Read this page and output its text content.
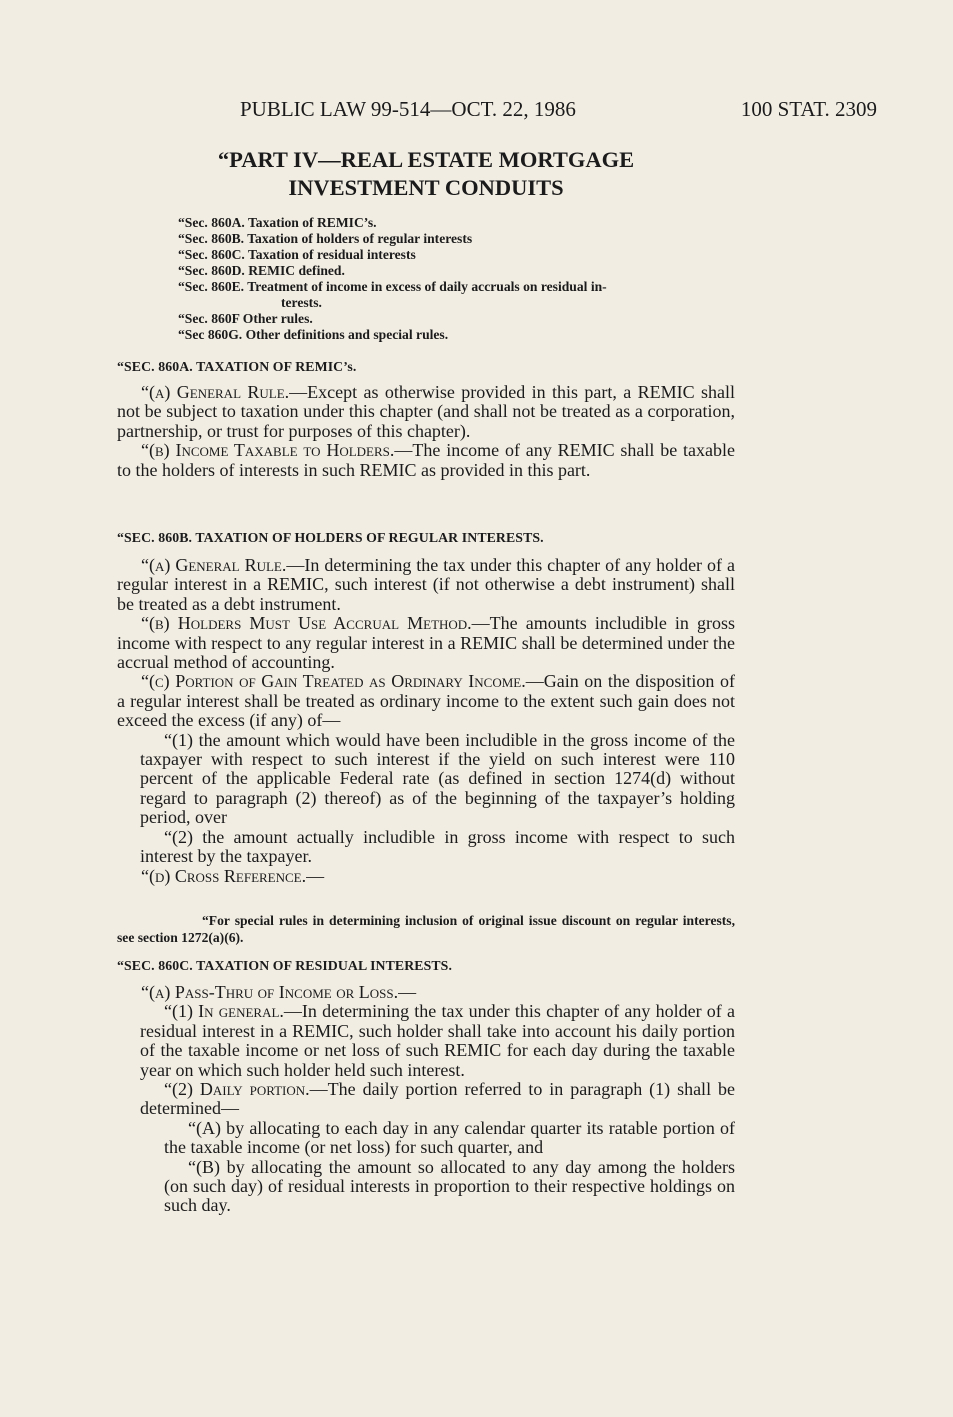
PUBLIC LAW 99-514—OCT. 22, 1986	100 STAT. 2309
“PART IV—REAL ESTATE MORTGAGE
INVESTMENT CONDUITS
“Sec. 860A. Taxation of REMIC’s.
“Sec. 860B. Taxation of holders of regular interests
“Sec. 860C. Taxation of residual interests
“Sec. 860D. REMIC defined.
“Sec. 860E. Treatment of income in excess of daily accruals on residual in-
terests.
“Sec. 860F Other rules.
“Sec 860G. Other definitions and special rules.
“SEC. 860A. TAXATION OF REMIC’s.

“(a) General Rule.—Except as otherwise provided in this part, a REMIC shall not be subject to taxation under this chapter (and shall not be treated as a corporation, partnership, or trust for purposes of this chapter).

“(b) Income Taxable to Holders.—The income of any REMIC shall be taxable to the holders of interests in such REMIC as provided in this part.

“SEC. 860B. TAXATION OF HOLDERS OF REGULAR INTERESTS.

“(a) General Rule.—In determining the tax under this chapter of any holder of a regular interest in a REMIC, such interest (if not otherwise a debt instrument) shall be treated as a debt instrument.

“(b) Holders Must Use Accrual Method.—The amounts includible in gross income with respect to any regular interest in a REMIC shall be determined under the accrual method of accounting.

“(c) Portion of Gain Treated as Ordinary Income.—Gain on the disposition of a regular interest shall be treated as ordinary income to the extent such gain does not exceed the excess (if any) of—

“(1) the amount which would have been includible in the gross income of the taxpayer with respect to such interest if the yield on such interest were 110 percent of the applicable Federal rate (as defined in section 1274(d) without regard to paragraph (2) thereof) as of the beginning of the taxpayer’s holding period, over

“(2) the amount actually includible in gross income with respect to such interest by the taxpayer.

“(d) Cross Reference.—

“For special rules in determining inclusion of original issue discount on regular interests, see section 1272(a)(6).
“SEC. 860C. TAXATION OF RESIDUAL INTERESTS.

“(a) Pass-Thru of Income or Loss.—

“(1) In general.—In determining the tax under this chapter of any holder of a residual interest in a REMIC, such holder shall take into account his daily portion of the taxable income or net loss of such REMIC for each day during the taxable year on which such holder held such interest.

“(2) Daily portion.—The daily portion referred to in paragraph (1) shall be determined—

“(A) by allocating to each day in any calendar quarter its ratable portion of the taxable income (or net loss) for such quarter, and

“(B) by allocating the amount so allocated to any day among the holders (on such day) of residual interests in proportion to their respective holdings on such day.
